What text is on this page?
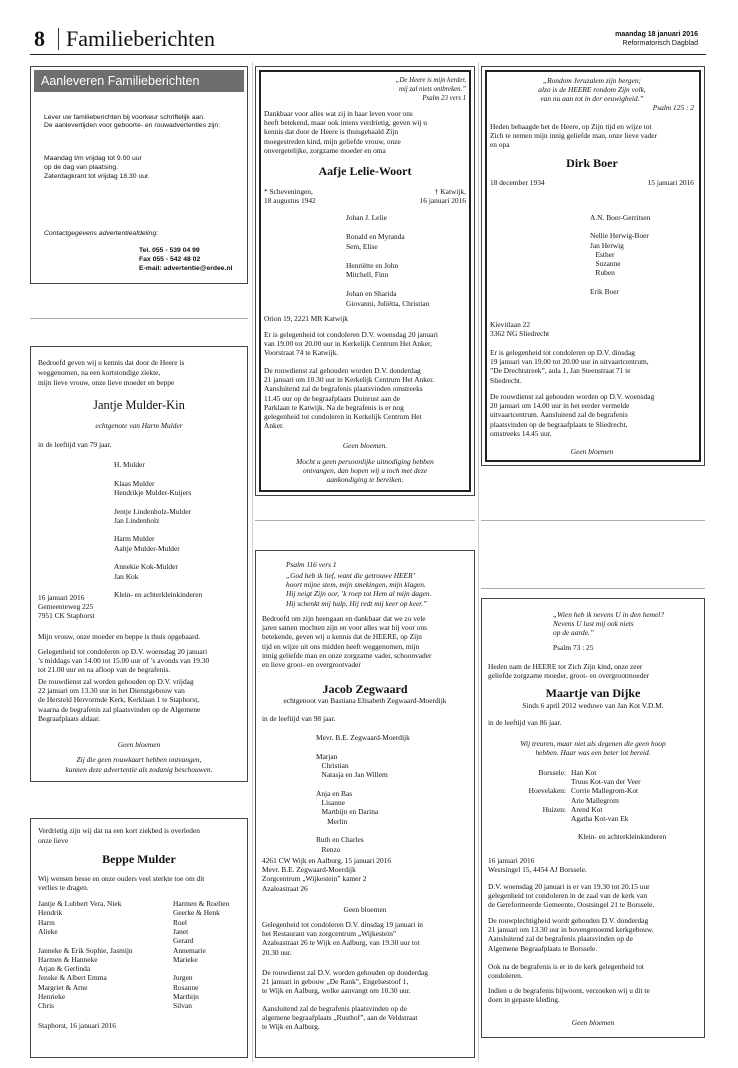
8 Familieberichten	maandag 18 januari 2016
Reformatorisch Dagblad
Aanleveren Familieberichten
Lever uw familieberichten bij voorkeur schriftelijk aan.
De aanlevertijden voor geboorte- en rouwadvertenties zijn:
Maandag t/m vrijdag tot 9.00 uur
op de dag van plaatsing.
Zaterdagkrant tot vrijdag 18.30 uur.
Contactgegevens advertentieafdeling:
Tel. 055 - 539 04 99
Fax 055 - 542 48 02
E-mail: advertentie@erdee.nl
Bedroefd geven wij u kennis dat door de Heere is
weggenomen, na een kortstondige ziekte,
mijn lieve vrouw, onze lieve moeder en beppe
Jantje Mulder-Kin
echtgenote van Harm Mulder
in de leeftijd van 79 jaar.
H. Mulder
Klaas Mulder
Hendrikje Mulder-Kuijers
Jentje Lindenholz-Mulder
Jan Lindenholz
Harm Mulder
Aaltje Mulder-Mulder
Annekie Kok-Mulder
Jan Kok
Klein- en achterkleinkinderen
16 januari 2016
Gemeenteweg 225
7951 CK Staphorst
Mijn vrouw, onze moeder en beppe is thuis opgebaard.
Gelegenheid tot condoleren op D.V. woensdag 20 januari
’s middags van 14.00 tot 15.00 uur of ’s avonds van 19.30
tot 21.00 uur en na afloop van de begrafenis.
De rouwdienst zal worden gehouden op D.V. vrijdag
22 januari om 13.30 uur in het Dienstgebouw van
de Hersteld Hervormde Kerk, Kerklaan 1 te Staphorst,
waarna de begrafenis zal plaatsvinden op de Algemene
Begraafplaats aldaar.
Geen bloemen
Zij die geen rouwkaart hebben ontvangen,
kunnen deze advertentie als zodanig beschouwen.
Verdrietig zijn wij dat na een kort ziekbed is overleden
onze lieve
Beppe Mulder
Wij wensen besse en onze ouders veel sterkte toe om dit
verlies te dragen.
Jantje & Lubbert Vera, Niek
Hendrik
Harm
Alieke
Janneke & Erik Sophie, Jasmijn
Harmen & Hanneke
Arjan & Gerlinda
Jenske & Albert Emma
Margriet & Arne
Henrieke
Chris
Harmen & Roelien
Geerke & Henk
Roel
Janet
Gerard
Annemarie
Marieke
Jurgen
Rosanne
Marthijn
Silvan
Staphorst, 16 januari 2016
„De Heere is mijn herder,
mij zal niets ontbreken.”
Psalm 23 vers 1
Dankbaar voor alles wat zij in haar leven voor ons
heeft betekend, maar ook intens verdrietig, geven wij u
kennis dat door de Heere is thuisgehaald Zijn
moegestreden kind, mijn geliefde vrouw, onze
onvergetelijke, zorgzame moeder en oma
Aafje Lelie-Woort
* Scheveningen,
18 augustus 1942
† Katwijk,
16 januari 2016
Johan J. Lelie
Ronald en Myranda
Sem, Elise
Henriëtte en John
Mitchell, Finn
Johan en Sharida
Giovanni, Juliëtta, Christian
Orion 19, 2221 MR Katwijk
Er is gelegenheid tot condoleren D.V. woensdag 20 januari
van 19.00 tot 20.00 uur in Kerkelijk Centrum Het Anker,
Voorstraat 74 te Katwijk.
De rouwdienst zal gehouden worden D.V. donderdag
21 januari om 10.30 uur in Kerkelijk Centrum Het Anker.
Aansluitend zal de begrafenis plaatsvinden omstreeks
11.45 uur op de begraafplaats Duinrust aan de
Parklaan te Katwijk. Na de begrafenis is er nog
gelegenheid tot condoleren in Kerkelijk Centrum Het
Anker.
Geen bloemen.
Mocht u geen persoonlijke uitnodiging hebben
ontvangen, dan hopen wij u toch met deze
aankondiging te bereiken.
Psalm 116 vers 1
„God heb ik lief, want die getrouwe HEER’
hoort mijne stem, mijn smekingen, mijn klagen.
Hij neigt Zijn oor, ’k roep tot Hem al mijn dagen.
Hij schenkt mij hulp, Hij redt mij keer op keer.”
Bedroefd om zijn heengaan en dankbaar dat we zo vele
jaren samen mochten zijn en voor alles wat hij voor ons
betekende, geven wij u kennis dat de HEERE, op Zijn
tijd en wijze uit ons midden heeft weggenomen, mijn
innig geliefde man en onze zorgzame vader, schoonvader
en lieve groot- en overgrootvader
Jacob Zegwaard
echtgenoot van Bastiana Elisabeth Zegwaard-Moerdijk
in de leeftijd van 98 jaar.
Mevr. B.E. Zegwaard-Moerdijk
Marjan
Christian
Natasja en Jan Willem
Anja en Bas
Lisanne
Marthijn en Darina
Merlin
Ruth en Charles
Renzo
4261 CW Wijk en Aalburg, 15 januari 2016
Mevr. B.E. Zegwaard-Moerdijk
Zorgcentrum „Wijkestein” kamer 2
Azaleastraat 26
Geen bloemen
Gelegenheid tot condoleren D.V. dinsdag 19 januari in
het Restaurant van zorgcentrum „Wijkestein”
Azaleastraat 26 te Wijk en Aalburg, van 19.30 uur tot
20.30 uur.
De rouwdienst zal D.V. worden gehouden op donderdag
21 januari in gebouw „De Rank”, Engelsestoof 1,
te Wijk en Aalburg, welke aanvangt om 10.30 uur.
Aansluitend zal de begrafenis plaatsvinden op de
algemene begraafplaats „Rusthof”, aan de Veldstraat
te Wijk en Aalburg.
„Rondom Jeruzalem zijn bergen;
alzo is de HEERE rondom Zijn volk,
van nu aan tot in der eeuwigheid.”
Psalm 125 : 2
Heden behaagde het de Heere, op Zijn tijd en wijze tot
Zich te nemen mijn innig geliefde man, onze lieve vader
en opa
Dirk Boer
18 december 1934	15 januari 2016
A.N. Boer-Gerritsen
Nellie Herwig-Boer
Jan Herwig
Esther
Suzanne
Ruben
Erik Boer
Kievitlaan 22
3362 NG Sliedrecht
Er is gelegenheid tot condoleren op D.V. dinsdag
19 januari van 19.00 tot 20.00 uur in uitvaartcentrum,
”De Drechtstreek”, aula 1, Jan Steenstraat 71 te
Sliedrecht.
De rouwdienst zal gehouden worden op D.V. woensdag
20 januari om 14.00 uur in het eerder vermelde
uitvaartcentrum. Aansluitend zal de begrafenis
plaatsvinden op de begraafplaats te Sliedrecht,
omstreeks 14.45 uur.
Geen bloemen
„Wien heb ik nevens U in den hemel?
Nevens U lust mij ook niets
op de aarde.”
Psalm 73 : 25
Heden nam de HEERE tot Zich Zijn kind, onze zeer
geliefde zorgzame moeder, groot- en overgrootmoeder
Maartje van Dijke
Sinds 6 april 2012 weduwe van Jan Kot V.D.M.
in de leeftijd van 86 jaar.
Wij treuren, maar niet als degenen die geen hoop
hebben. Haar was een beter lot bereid.
Borssele:
Hoevelaken:
Huizen:
Han Kot
Truus Kot-van der Veer
Corrie Mallegrom-Kot
Arie Mallegrom
Arend Kot
Agatha Kot-van Ek
Klein- en achterkleinkinderen
16 januari 2016
Westsingel 15, 4454 AJ Borssele.
D.V. woensdag 20 januari is er van 19.30 tot 20.15 uur
gelegenheid tot condoleren in de zaal van de kerk van
de Gereformeerde Gemeente, Oostsingel 21 te Borssele.
De rouwplechtigheid wordt gehouden D.V. donderdag
21 januari om 13.30 uur in bovengenoemd kerkgebouw.
Aansluitend zal de begrafenis plaatsvinden op de
Algemene Begraafplaats te Borssele.
Ook na de begrafenis is er in de kerk gelegenheid tot
condoleren.
Indien u de begrafenis bijwoont, verzoeken wij u dit te
doen in gepaste kleding.
Geen bloemen
